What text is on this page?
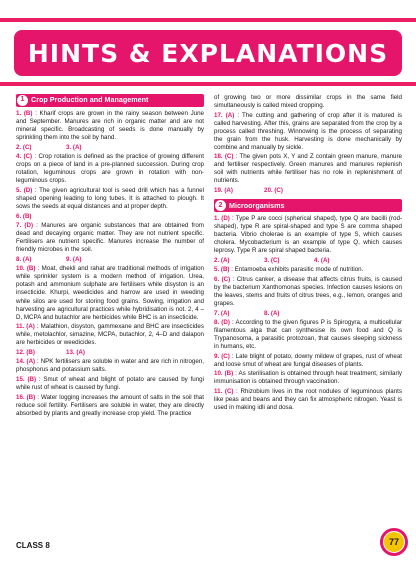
HINTS & EXPLANATIONS
1 Crop Production and Management
1. (B) : Kharif crops are grown in the rainy season between June and September. Manures are rich in organic matter and are not mineral specific. Broadcasting of seeds is done manually by sprinkling them into the soil by hand.
2. (C)	3. (A)
4. (C) : Crop rotation is defined as the practice of growing different crops on a piece of land in a pre-planned succession. During crop rotation, leguminous crops are grown in rotation with non-leguminous crops.
5. (D) : The given agricultural tool is seed drill which has a funnel shaped opening leading to long tubes. It is attached to plough. It sows the seeds at equal distances and at proper depth.
6. (B)
7. (D) : Manures are organic substances that are obtained from dead and decaying organic matter. They are not nutrient specific. Fertilisers are nutrient specific. Manures increase the number of friendly microbes in the soil.
8. (A)	9. (A)
10. (B) : Moat, dhekli and rahat are traditional methods of irrigation while sprinkler system is a modern method of irrigation. Urea, potash and ammonium sulphate are fertilisers while disyston is an insecticide. Khurpi, weedicides and harrow are used in weeding while silos are used for storing food grains. Sowing, irrigation and harvesting are agricultural practices while hybridisation is not. 2, 4 – D, MCPA and butachlor are herbicides while BHC is an insecticide.
11. (A) : Malathion, disyston, gammexane and BHC are insecticides while, metolachlor, simazine, MCPA, butachlor, 2, 4–D and dalapon are herbicides or weedicides.
12. (B)	13. (A)
14. (A) : NPK fertilisers are soluble in water and are rich in nitrogen, phosphorus and potassium salts.
15. (B) : Smut of wheat and blight of potato are caused by fungi while rust of wheat is caused by fungi.
16. (B) : Water logging increases the amount of salts in the soil that reduce soil fertility. Fertilisers are soluble in water, they are directly absorbed by plants and greatly increase crop yield. The practice
of growing two or more dissimilar crops in the same field simultaneously is called mixed cropping.
17. (A) : The cutting and gathering of crop after it is matured is called harvesting. After this, grains are separated from the crop by a process called threshing. Winnowing is the process of separating the grain from the husk. Harvesting is done mechanically by combine and manually by sickle.
18. (C) : The given pots X, Y and Z contain green manure, manure and fertiliser respectively. Green manures and manures replenish soil with nutrients while fertiliser has no role in replenishment of nutrients.
19. (A)	20. (C)
2 Microorganisms
1. (D) : Type P are cocci (spherical shaped), type Q are bacilli (rod-shaped), type R are spiral-shaped and type S are comma shaped bacteria. Vibrio cholerae is an example of type S, which causes cholera. Mycobacterium is an example of type Q, which causes leprosy. Type R are spiral shaped bacteria.
2. (A)	3. (C)	4. (A)
5. (B) : Entamoeba exhibits parasitic mode of nutrition.
6. (C) : Citrus canker, a disease that affects citrus fruits, is caused by the bacterium Xanthomonas species. Infection causes lesions on the leaves, stems and fruits of citrus trees, e.g., lemon, oranges and grapes.
7. (A)	8. (A)
8. (D) : According to the given figures P is Spirogyra, a multicellular filamentous alga that can synthesise its own food and Q is Trypanosoma, a parasitic protozoan, that causes sleeping sickness in humans, etc.
9. (C) : Late blight of potato, downy mildew of grapes, rust of wheat and loose smut of wheat are fungal diseases of plants.
10. (B) : As sterilisation is obtained through heat treatment, similarly immunisation is obtained through vaccination.
11. (C) : Rhizobium lives in the root nodules of leguminous plants like peas and beans and they can fix atmospheric nitrogen. Yeast is used in making idli and dosa.
CLASS 8	77
